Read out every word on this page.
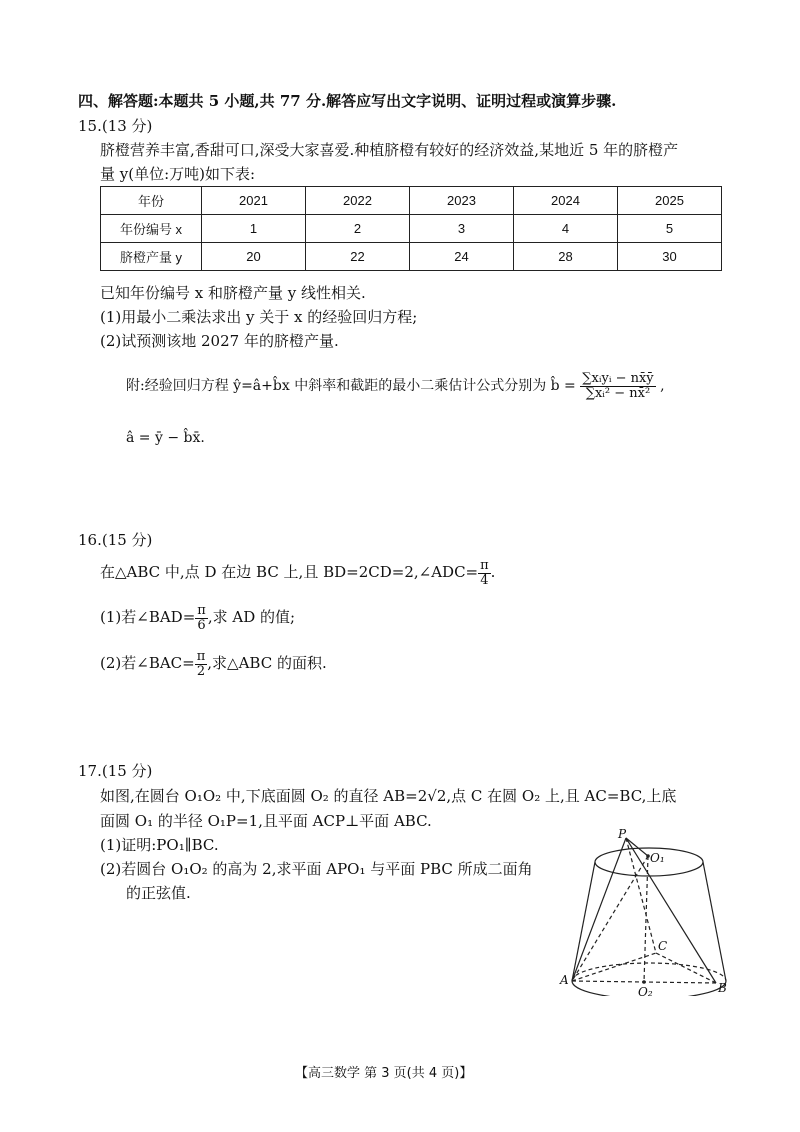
四、解答题:本题共 5 小题,共 77 分.解答应写出文字说明、证明过程或演算步骤.
15.(13 分)
脐橙营养丰富,香甜可口,深受大家喜爱.种植脐橙有较好的经济效益,某地近 5 年的脐橙产
量 y(单位:万吨)如下表:
年份	2021	2022	2023	2024	2025
年份编号 x	1	2	3	4	5
脐橙产量 y	20	22	24	28	30
已知年份编号 x 和脐橙产量 y 线性相关.
(1)用最小二乘法求出 y 关于 x 的经验回归方程;
(2)试预测该地 2027 年的脐橙产量.
附:经验回归方程 ŷ=â+b̂x 中斜率和截距的最小二乘估计公式分别为 b̂ = $\frac{\text{∑xᵢyᵢ − nx̄ȳ}}{\text{∑xᵢ² − nx̄²}}$ ,
â = ȳ − b̂x̄.
16.(15 分)
在△ABC 中,点 D 在边 BC 上,且 BD=2CD=2,∠ADC= $\frac{\pi}{4}$ .
(1)若∠BAD= $\frac{\pi}{6}$ ,求 AD 的值;
(2)若∠BAC= $\frac{\pi}{2}$ ,求△ABC 的面积.
17.(15 分)
如图,在圆台 O₁O₂ 中,下底面圆 O₂ 的直径 AB=2√2,点 C 在圆 O₂ 上,且 AC=BC,上底
面圆 O₁ 的半径 O₁P=1,且平面 ACP⊥平面 ABC.
(1)证明:PO₁∥BC.
(2)若圆台 O₁O₂ 的高为 2,求平面 APO₁ 与平面 PBC 所成二面角
的正弦值.
P
O₁
C
A
O₂	B
【高三数学 第 3 页(共 4 页)】
